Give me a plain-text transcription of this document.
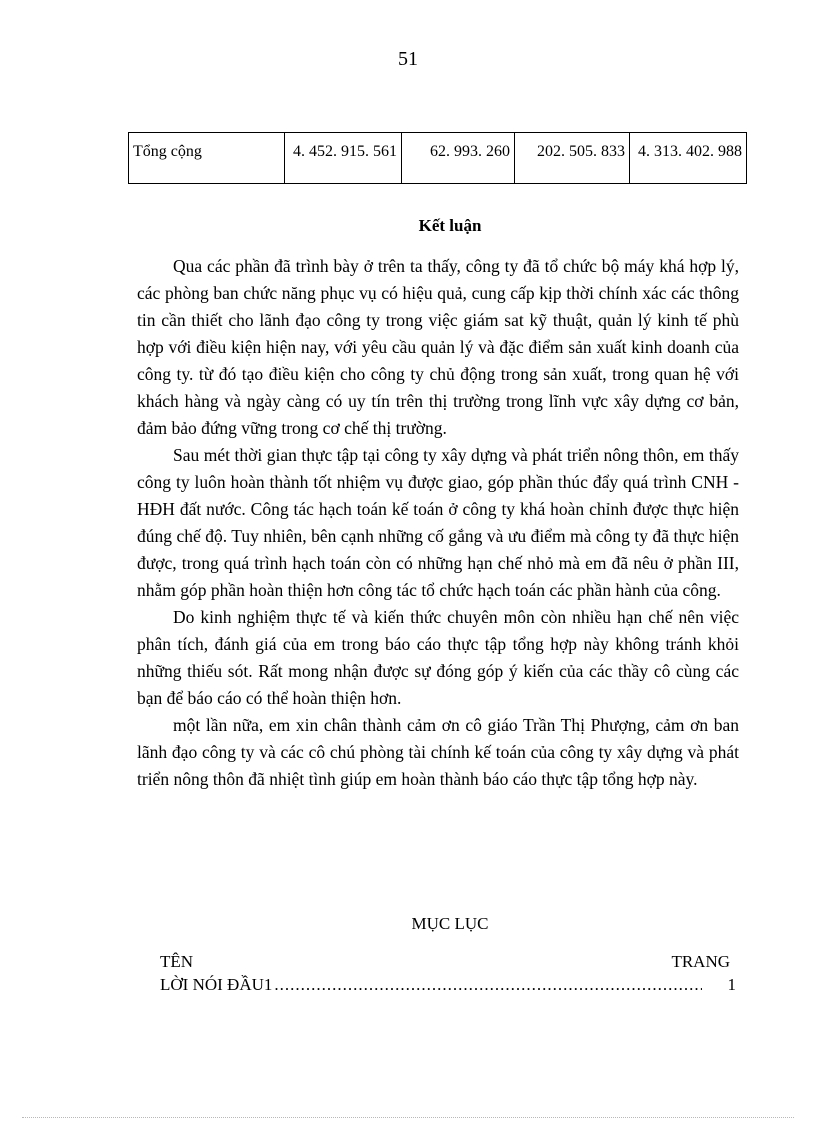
51
Tổng cộng	4. 452. 915. 561	62. 993. 260	202. 505. 833	4. 313. 402. 988
Kết luận

Qua các phần đã trình bày ở trên ta thấy, công ty đã tổ chức bộ máy khá hợp lý, các phòng ban chức năng phục vụ có hiệu quả, cung cấp kịp thời chính xác các thông tin cần thiết cho lãnh đạo công ty trong việc giám sat kỹ thuật, quản lý kinh tế phù hợp với điều kiện hiện nay, với yêu cầu quản lý và đặc điểm sản xuất kinh doanh của công ty. từ đó tạo điều kiện cho công ty chủ động trong sản xuất, trong quan hệ với khách hàng và ngày càng có uy tín trên thị trường trong lĩnh vực xây dựng cơ bản, đảm bảo đứng vững trong cơ chế thị trường.

Sau mét thời gian thực tập tại công ty xây dựng và phát triển nông thôn, em thấy công ty luôn hoàn thành tốt nhiệm vụ được giao, góp phần thúc đẩy quá trình CNH - HĐH đất nước. Công tác hạch toán kế toán ở công ty khá hoàn chỉnh được thực hiện đúng chế độ. Tuy nhiên, bên cạnh những cố gắng và ưu điểm mà công ty đã thực hiện được, trong quá trình hạch toán còn có những hạn chế nhỏ mà em đã nêu ở phần III, nhằm góp phần hoàn thiện hơn công tác tổ chức hạch toán các phần hành của công.

Do kinh nghiệm thực tế và kiến thức chuyên môn còn nhiều hạn chế nên việc phân tích, đánh giá của em trong báo cáo thực tập tổng hợp này không tránh khỏi những thiếu sót. Rất mong nhận được sự đóng góp ý kiến của các thầy cô cùng các bạn để báo cáo có thể hoàn thiện hơn.

một lần nữa, em xin chân thành cảm ơn cô giáo Trần Thị Phượng, cảm ơn ban lãnh đạo công ty và các cô chú phòng tài chính kế toán của công ty xây dựng và phát triển nông thôn đã nhiệt tình giúp em hoàn thành báo cáo thực tập tổng hợp này.

MỤC LỤC
TÊN	TRANG
LỜI NÓI ĐẦU1
.....	1
